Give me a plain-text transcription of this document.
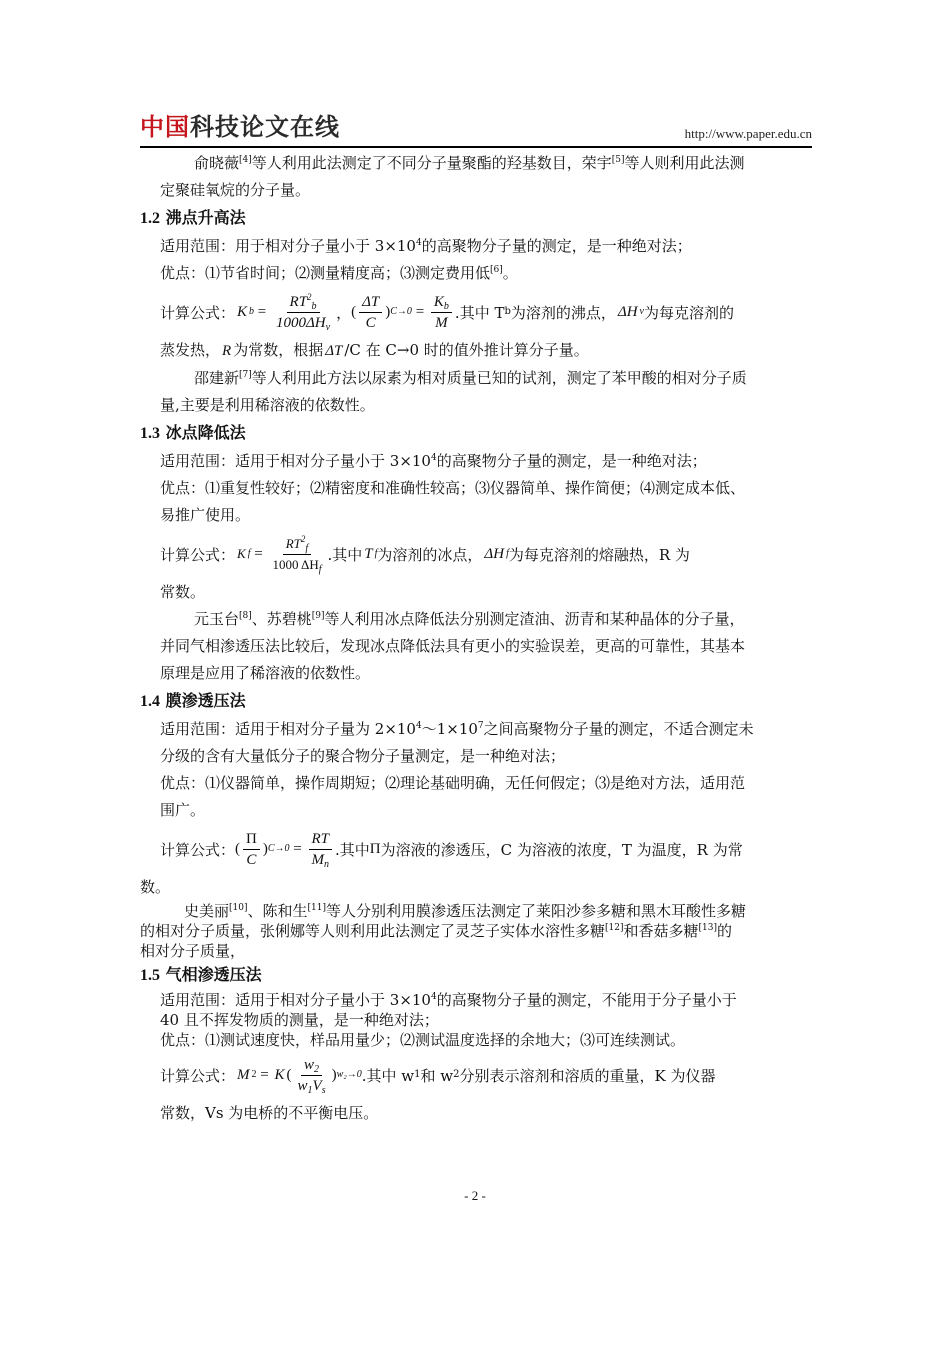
中国科技论文在线	http://www.paper.edu.cn

俞晓薇[4]等人利用此法测定了不同分子量聚酯的羟基数目，荣宇[5]等人则利用此法测

定聚硅氧烷的分子量。

1.2 沸点升高法

适用范围：用于相对分子量小于 $3\times 10^4$的高聚物分子量的测定，是一种绝对法；

优点：⑴节省时间；⑵测量精度高；⑶测定费用低[6]。

计算公式： K $b = \frac{RT^2_b}{1000\Delta H_v}$ ， ( $\frac{\Delta T}{C}$ ) $C\to 0 = \frac{K_b}{M}$ .其中 T b 为溶剂的沸点， ΔH v 为每克溶剂的

蒸发热， R 为常数，根据 ΔT /C 在 C→0 时的值外推计算分子量。

邵建新[7]等人利用此方法以尿素为相对质量已知的试剂，测定了苯甲酸的相对分子质

量,主要是利用稀溶液的依数性。

1.3 冰点降低法

适用范围：适用于相对分子量小于 $3\times 10^4$的高聚物分子量的测定，是一种绝对法；

优点：⑴重复性较好；⑵精密度和准确性较高；⑶仪器简单、操作简便；⑷测定成本低、

易推广使用。

计算公式： K $f = \frac{RT^2_f}{1000 \Delta H_f}$ .其中 T f 为溶剂的冰点， ΔH f 为每克溶剂的熔融热，R 为

常数。

元玉台[8]、苏碧桃[9]等人利用冰点降低法分别测定渣油、沥青和某种晶体的分子量，

并同气相渗透压法比较后，发现冰点降低法具有更小的实验误差，更高的可靠性，其基本

原理是应用了稀溶液的依数性。

1.4 膜渗透压法

适用范围：适用于相对分子量为 $2\times 10^4\sim 1\times 10^7$之间高聚物分子量的测定，不适合测定未

分级的含有大量低分子的聚合物分子量测定，是一种绝对法；

优点：⑴仪器简单，操作周期短；⑵理论基础明确，无任何假定；⑶是绝对方法，适用范

围广。

计算公式： ( $\frac{\Pi}{C}$ ) $C\to 0 = \frac{RT}{M_n}$ .其中 Π 为溶液的渗透压，C 为溶液的浓度，T 为温度，R 为常

数。

史美丽[10]、陈和生[11]等人分别利用膜渗透压法测定了莱阳沙参多糖和黑木耳酸性多糖

的相对分子质量，张俐娜等人则利用此法测定了灵芝子实体水溶性多糖[12]和香菇多糖[13]的

相对分子质量，

1.5 气相渗透压法

适用范围：适用于相对分子量小于 $3\times 10^4$的高聚物分子量的测定，不能用于分子量小于

40 且不挥发物质的测量，是一种绝对法；

优点：⑴测试速度快，样品用量少；⑵测试温度选择的余地大；⑶可连续测试。

计算公式： M 2 = K ( $\frac{w_2}{w_1V_s}$ ) w₂→0 .其中 w 1 和 w 2 分别表示溶剂和溶质的重量，K 为仪器

常数，Vs 为电桥的不平衡电压。

- 2 -
